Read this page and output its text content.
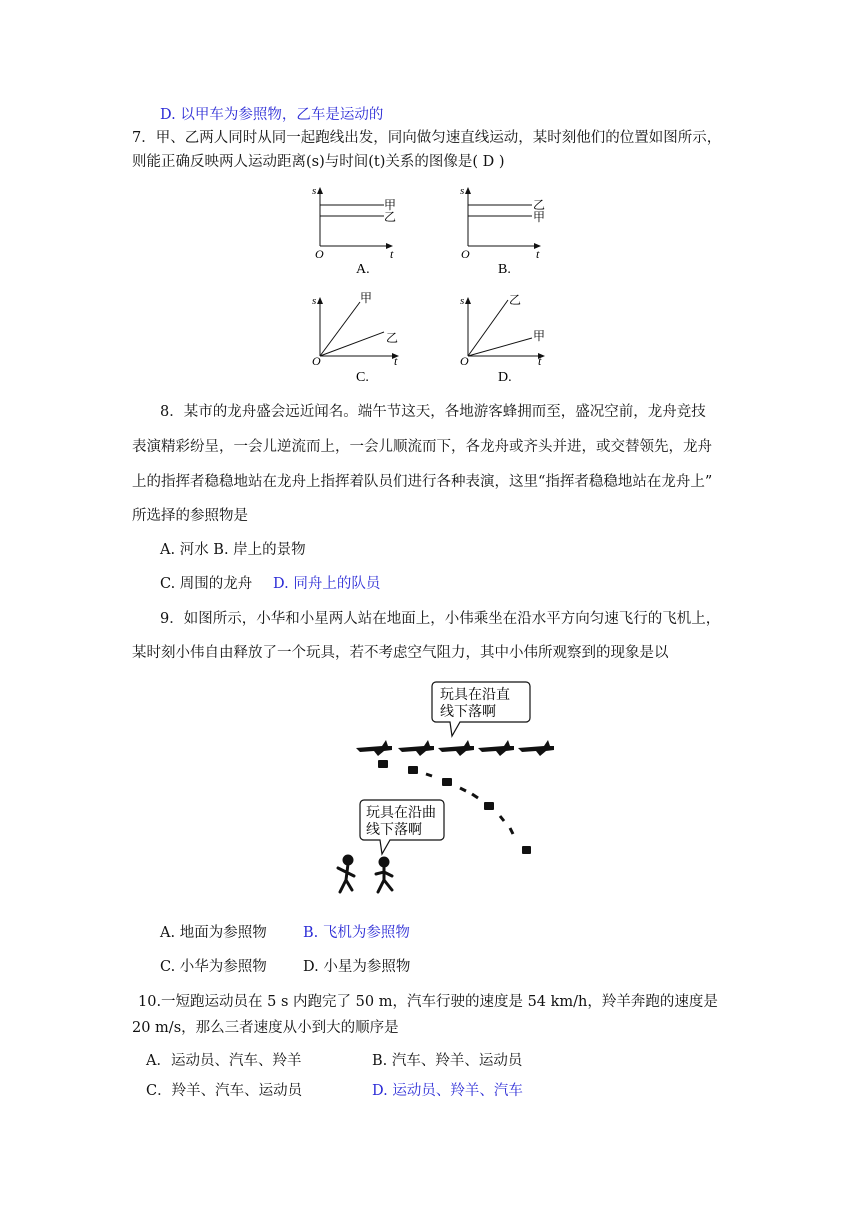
D. 以甲车为参照物，乙车是运动的
7．甲、乙两人同时从同一起跑线出发，同向做匀速直线运动，某时刻他们的位置如图所示，
则能正确反映两人运动距离(s)与时间(t)关系的图像是( D )
s
O	t
甲
乙
A.
s
O	t
乙
甲
B.
s
O	t
甲
乙
C.
s
O	t
乙
甲
D.
8．某市的龙舟盛会远近闻名。端午节这天，各地游客蜂拥而至，盛况空前，龙舟竞技
表演精彩纷呈，一会儿逆流而上，一会儿顺流而下，各龙舟或齐头并进，或交替领先，龙舟
上的指挥者稳稳地站在龙舟上指挥着队员们进行各种表演，这里“指挥者稳稳地站在龙舟上”
所选择的参照物是
A. 河水 B. 岸上的景物
C. 周围的龙舟 D. 同舟上的队员
9．如图所示，小华和小星两人站在地面上，小伟乘坐在沿水平方向匀速飞行的飞机上，
某时刻小伟自由释放了一个玩具，若不考虑空气阻力，其中小伟所观察到的现象是以
玩具在沿直
线下落啊
玩具在沿曲
线下落啊
A. 地面为参照物	B. 飞机为参照物
C. 小华为参照物 D. 小星为参照物
10.一短跑运动员在 5 s 内跑完了 50 m，汽车行驶的速度是 54 km/h，羚羊奔跑的速度是
20 m/s，那么三者速度从小到大的顺序是
A．运动员、汽车、羚羊	B. 汽车、羚羊、运动员
C．羚羊、汽车、运动员	D. 运动员、羚羊、汽车
